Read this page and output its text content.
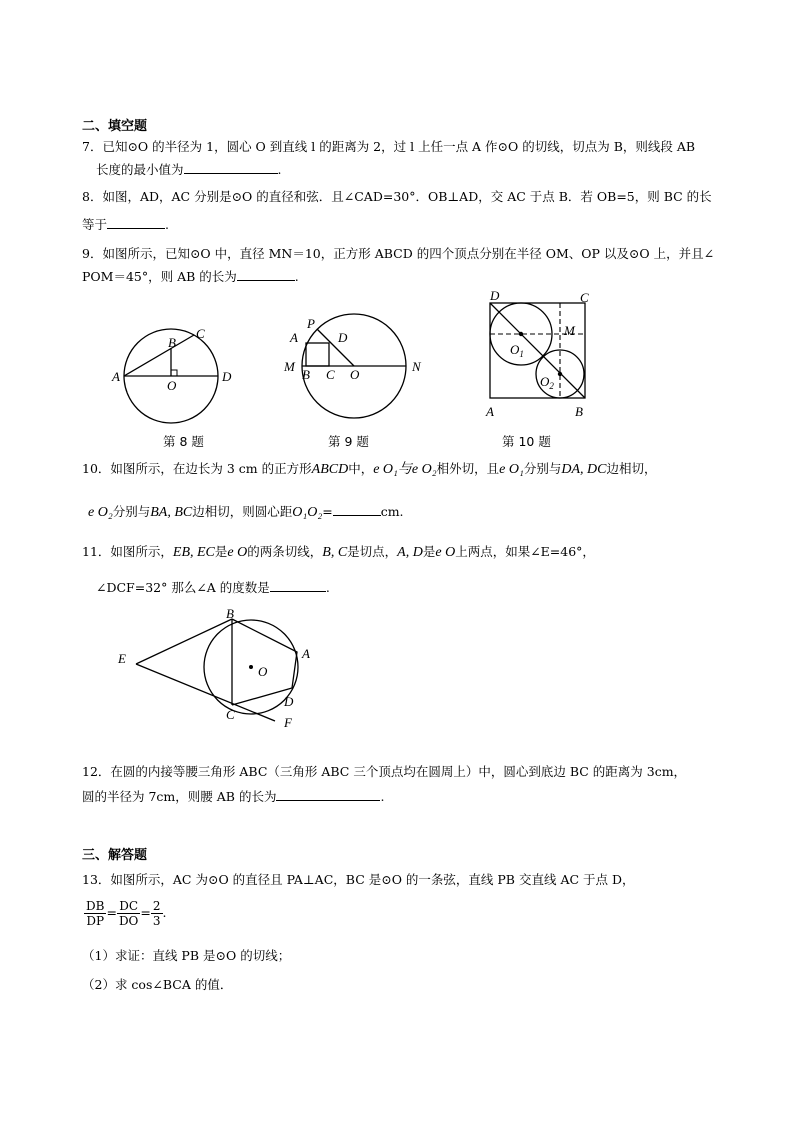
二、填空题
7．已知⊙O 的半径为 1，圆心 O 到直线 l 的距离为 2，过 l 上任一点 A 作⊙O 的切线，切点为 B，则线段 AB
长度的最小值为	.
8．如图，AD，AC 分别是⊙O 的直径和弦．且∠CAD=30°．OB⊥AD，交 AC 于点 B．若 OB=5，则 BC 的长
等于	.
9．如图所示，已知⊙O 中，直径 MN＝10，正方形 ABCD 的四个顶点分别在半径 OM、OP 以及⊙O 上，并且∠
POM＝45°，则 AB 的长为	.
A
C
B
O
D
第 8 题
P
A	D
M
B C O
N
第 9 题
D	C
M
$O_1$
$O_2$
A	B
第 10 题
10．如图所示，在边长为 3 cm 的正方形ABCD中，e O₁与e O₂相外切，且e O₁分别与DA, DC边相切，
e O₂分别与BA, BC边相切，则圆心距O₁O₂=	cm.
11．如图所示，EB, EC是e O的两条切线，B, C是切点，A, D是e O上两点，如果∠E=46°，
∠DCF=32° 那么∠A 的度数是	.
E
B
A
O
D
C
F
12．在圆的内接等腰三角形 ABC（三角形 ABC 三个顶点均在圆周上）中，圆心到底边 BC 的距离为 3cm，
圆的半径为 7cm，则腰 AB 的长为	.
三、解答题
13．如图所示，AC 为⊙O 的直径且 PA⊥AC，BC 是⊙O 的一条弦，直线 PB 交直线 AC 于点 D，
$\frac{DB}{DP} = \frac{DC}{DO} = \frac{2}{3}$ .
（1）求证：直线 PB 是⊙O 的切线；
（2）求 cos∠BCA 的值．
